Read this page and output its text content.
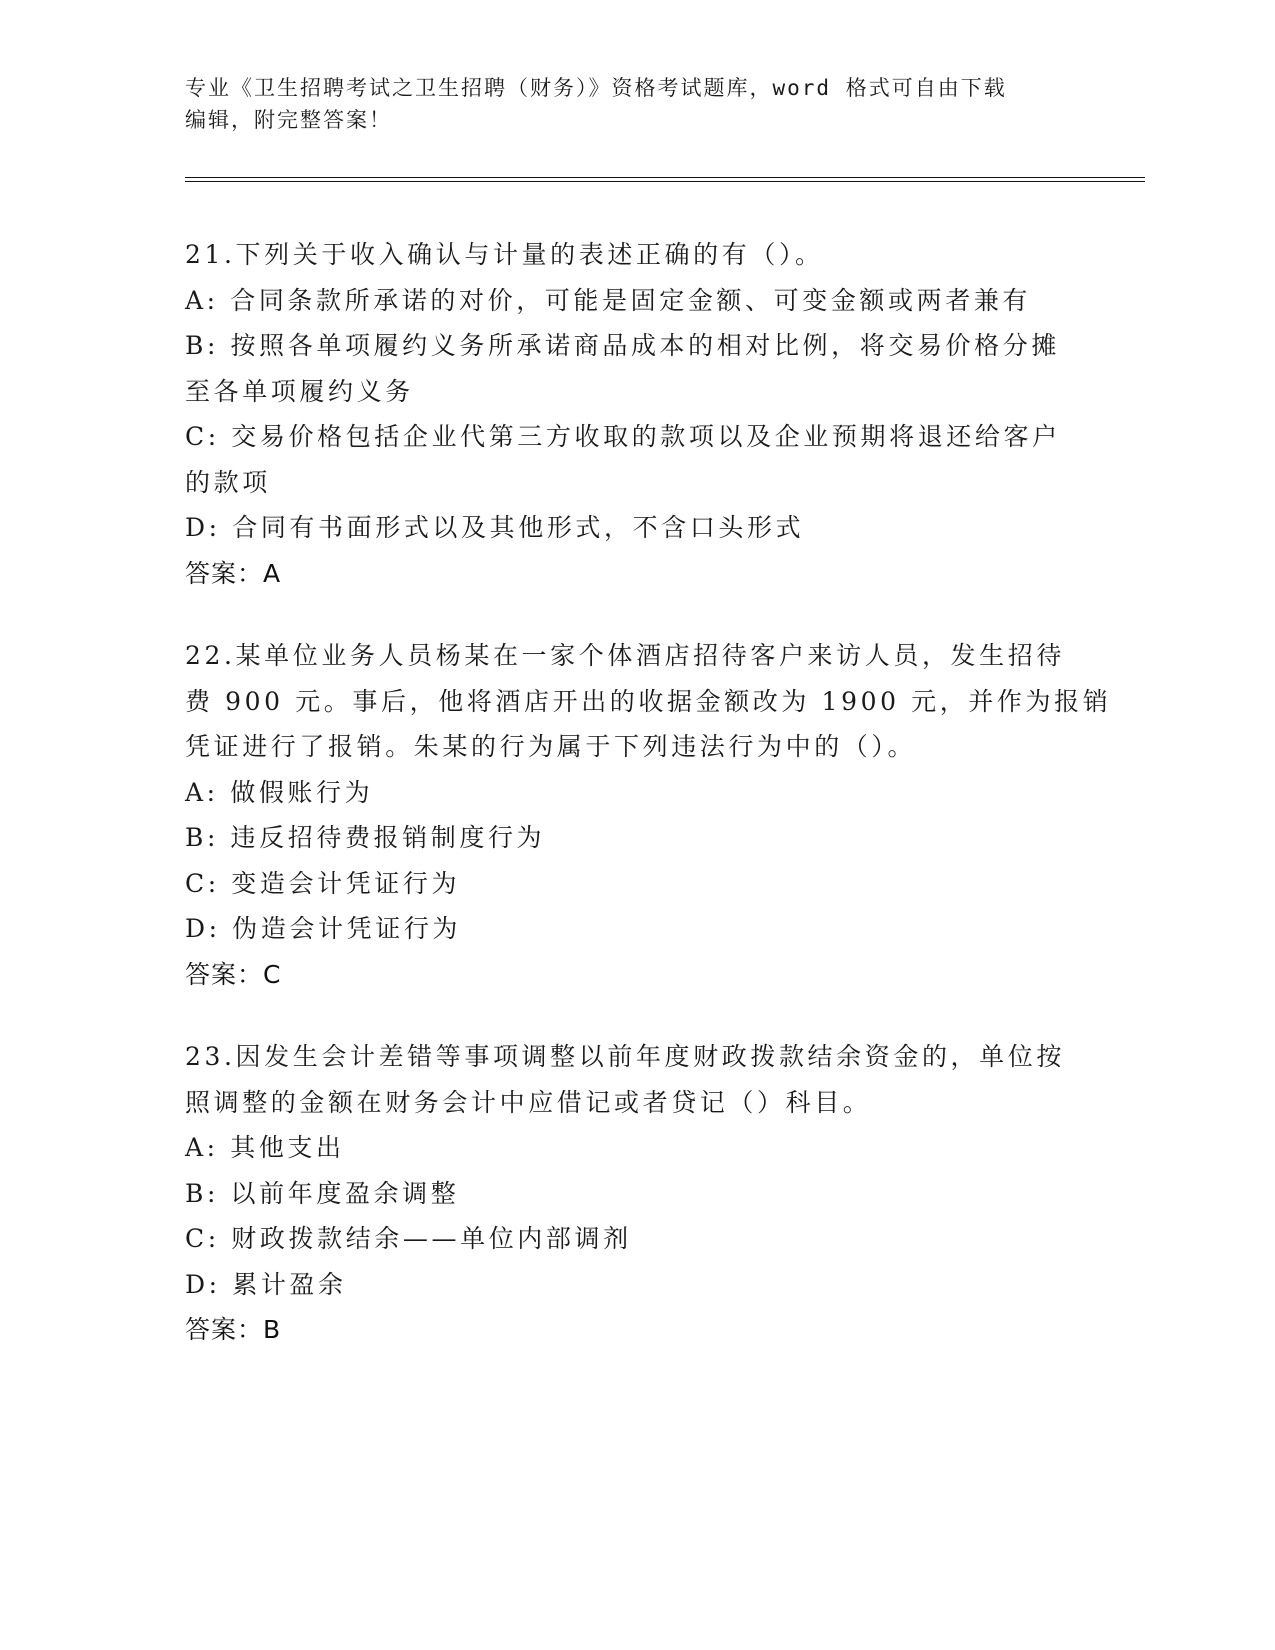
专业《卫生招聘考试之卫生招聘（财务）》资格考试题库，word 格式可自由下载
编辑，附完整答案！
21.下列关于收入确认与计量的表述正确的有（）。
A: 合同条款所承诺的对价，可能是固定金额、可变金额或两者兼有
B: 按照各单项履约义务所承诺商品成本的相对比例，将交易价格分摊
至各单项履约义务
C: 交易价格包括企业代第三方收取的款项以及企业预期将退还给客户
的款项
D: 合同有书面形式以及其他形式，不含口头形式
答案：A
22.某单位业务人员杨某在一家个体酒店招待客户来访人员，发生招待
费 900 元。事后，他将酒店开出的收据金额改为 1900 元，并作为报销
凭证进行了报销。朱某的行为属于下列违法行为中的（）。
A: 做假账行为
B: 违反招待费报销制度行为
C: 变造会计凭证行为
D: 伪造会计凭证行为
答案：C
23.因发生会计差错等事项调整以前年度财政拨款结余资金的，单位按
照调整的金额在财务会计中应借记或者贷记（）科目。
A: 其他支出
B: 以前年度盈余调整
C: 财政拨款结余——单位内部调剂
D: 累计盈余
答案：B
